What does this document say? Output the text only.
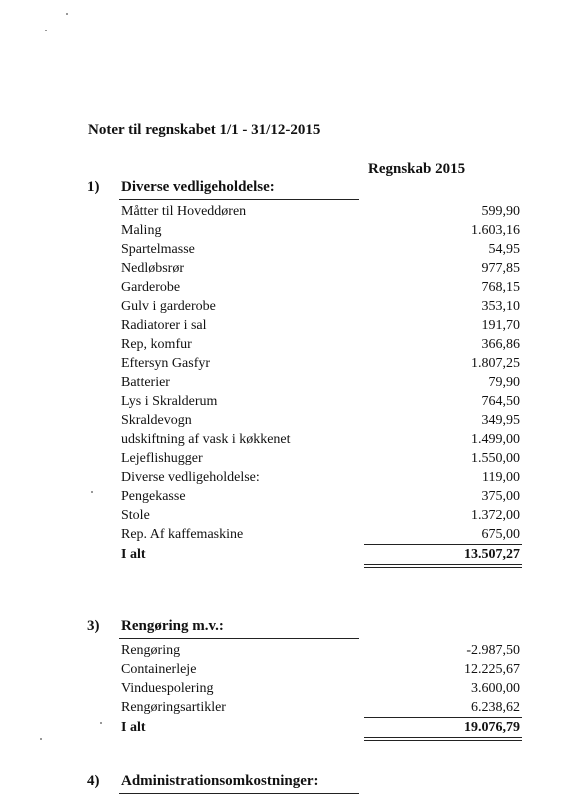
Noter til regnskabet 1/1 - 31/12-2015
Regnskab 2015
1) Diverse vedligeholdelse:
Måtter til Hoveddøren	599,90
Maling	1.603,16
Spartelmasse	54,95
Nedløbsrør	977,85
Garderobe	768,15
Gulv i garderobe	353,10
Radiatorer i sal	191,70
Rep, komfur	366,86
Eftersyn Gasfyr	1.807,25
Batterier	79,90
Lys i Skralderum	764,50
Skraldevogn	349,95
udskiftning af vask i køkkenet	1.499,00
Lejeflishugger	1.550,00
Diverse vedligeholdelse:	119,00
Pengekasse	375,00
Stole	1.372,00
Rep. Af kaffemaskine	675,00
I alt	13.507,27
3) Rengøring m.v.:
Rengøring	-2.987,50
Containerleje	12.225,67
Vinduespolering	3.600,00
Rengøringsartikler	6.238,62
I alt	19.076,79
4) Administrationsomkostninger:
